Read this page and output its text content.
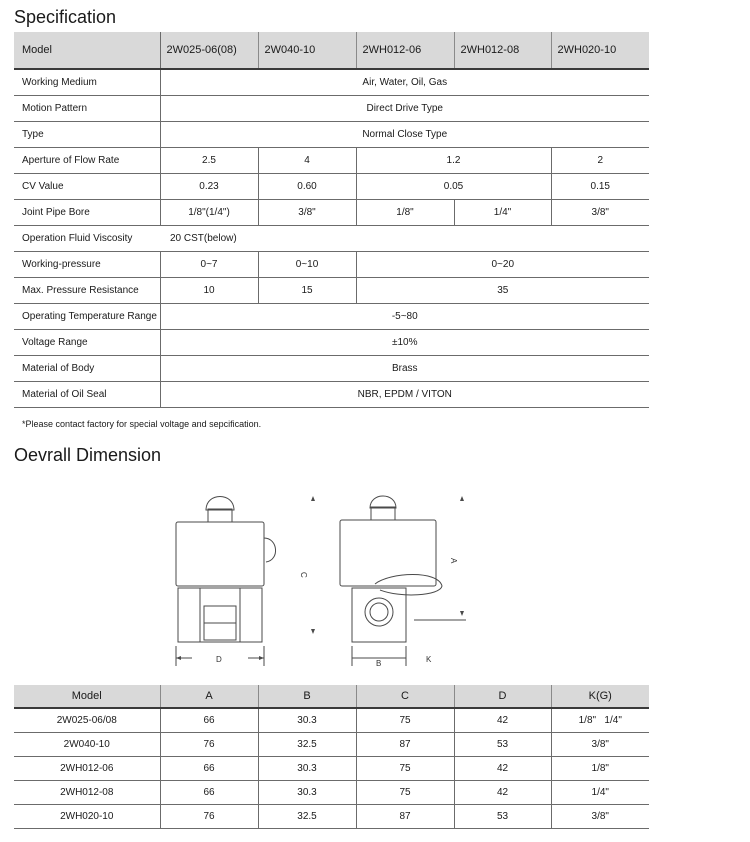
Specification
Model	2W025-06(08)	2W040-10	2WH012-06	2WH012-08	2WH020-10
Working Medium	Air, Water, Oil, Gas				
Motion Pattern	Direct Drive Type				
Type	Normal Close Type				
Aperture of Flow Rate	2.5	4	1.2		2
CV Value	0.23	0.60	0.05		0.15
Joint Pipe Bore	1/8"(1/4")	3/8"	1/8"	1/4"	3/8"
Operation Fluid Viscosity	20 CST(below)				
Working-pressure	0~7	0~10	0~20		
Max. Pressure Resistance	10	15	35		
Operating Temperature Range	-5~80				
Voltage Range	±10%				
Material of Body	Brass				
Material of Oil Seal	NBR, EPDM / VITON				
*Please contact factory for special voltage and sepcification.
Oevrall Dimension
C
A
D	B	K
Model	A	B	C	D	K(G)
2W025-06/08	66	30.3	75	42	1/8"   1/4"
2W040-10	76	32.5	87	53	3/8"
2WH012-06	66	30.3	75	42	1/8"
2WH012-08	66	30.3	75	42	1/4"
2WH020-10	76	32.5	87	53	3/8"
